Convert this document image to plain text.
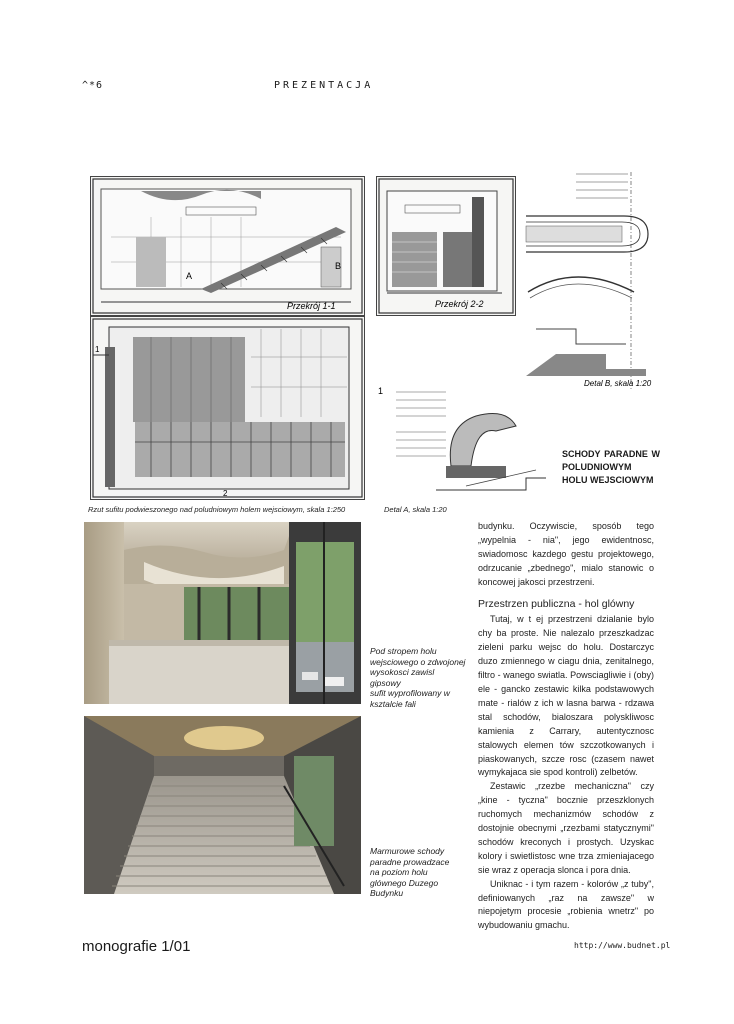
^*6	PREZENTACJA
A
B
Przekrój 1-1
1
2
Przekrój 2-2
Detal B, skala 1:20
1
SCHODY PARADNE W
POLUDNIOWYM
HOLU WEJSCIOWYM
Rzut sufitu podwieszonego nad poludniowym holem wejsciowym, skala 1:250	Detal A, skala 1:20
Pod stropem holu
wejsciowego o zdwojonej
wysokosci zawisl gipsowy
sufit wyprofilowany w
ksztalcie fali
Marmurowe schody
paradne prowadzace
na poziom holu
glównego Duzego
Budynku

budynku. Oczywiscie, sposób tego „wypelnia - nia", jego ewidentnosc, swiadomosc kazdego gestu projektowego, odrzucanie „zbednego", mialo stanowic o koncowej jakosci przestrzeni.

Przestrzen publiczna - hol glówny

Tutaj, w t ej przestrzeni dzialanie bylo chy ba proste. Nie nalezalo przeszkadzac zieleni parku wejsc do holu. Dostarczyc duzo zmiennego w ciagu dnia, zenitalnego, filtro - wanego swiatla. Powsciagliwie i (oby) ele - gancko zestawic kilka podstawowych mate - rialów z ich w lasna barwa - rdzawa stal schodów, bialoszara polyskliwosc kamienia z Carrary, autentycznosc stalowych elemen tów szczotkowanych i piaskowanych, szcze rosc (czasem nawet wymykajaca sie spod kontroli) zelbetów.

Zestawic „rzezbe mechaniczna" czy „kine - tyczna" bocznie przeszklonych ruchomych mechanizmów schodów z dostojnie obecnymi „rzezbami statycznymi" schodów kreconych i prostych. Uzyskac kolory i swietlistosc wne trza zmieniajacego sie wraz z operacja slonca i pora dnia.

Uniknac - i tym razem - kolorów „z tuby", definiowanych „raz na zawsze" w niepojetym procesie „robienia wnetrz" po wybudowaniu gmachu.

monografie 1/01	http://www.budnet.pl
